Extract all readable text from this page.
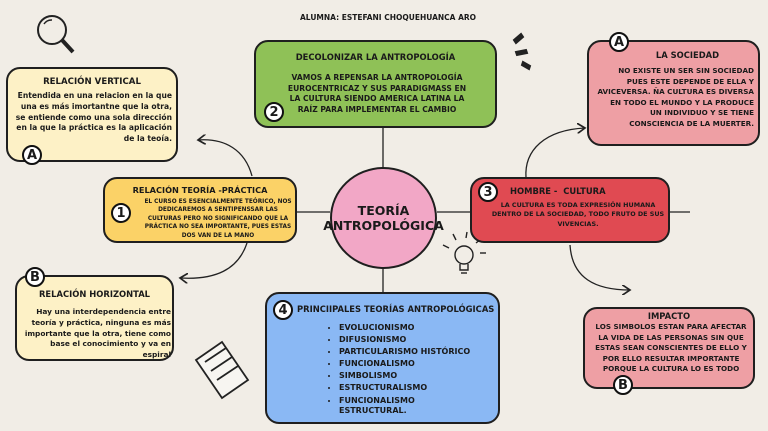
ALUMNA: ESTEFANI CHOQUEHUANCA ARO
TEORÍA
ANTROPOLÓGICA
DECOLONIZAR LA ANTROPOLOGÍA
VAMOS A REPENSAR LA ANTROPOLOGÍA EUROCENTRICAZ Y SUS PARADIGMASS EN LA CULTURA SIENDO AMERICA LATINA LA RAÍZ PARA IMPLEMENTAR EL CAMBIO
2
RELACIÓN TEORÍA -PRÁCTICA
EL CURSO ES ESENCIALMENTE TEÓRICO, NOS DEDICAREMOS A SENTIPENSSAR LAS CULTURAS PERO NO SIGNIFICANDO QUE LA PRÁCTICA NO SEA IMPORTANTE, PUES ESTAS DOS VAN DE LA MANO
1
RELACIÓN VERTICAL
Entendida en una relacion en la que una es más imortantne que la otra, se entiende como una sola dirección en la que la práctica es la aplicación de la teoía.
A
RELACIÓN HORIZONTAL
Hay una interdependencia entre teoría y práctica, ninguna es más importante que la otra, tiene como base el conocimiento y va en espiral
B
HOMBRE -  CULTURA
LA CULTURA ES TODA EXPRESIÓN HUMANA DENTRO DE LA SOCIEDAD, TODO FRUTO DE SUS VIVENCIAS.
3
LA SOCIEDAD
NO EXISTE UN SER SIN SOCIEDAD PUES ESTE DEPENDE DE ELLA Y AVICEVERSA. ÑA CULTURA ES DIVERSA EN TODO EL MUNDO Y LA PRODUCE UN INDIVIDUO Y SE TIENE CONSCIENCIA DE LA MUERTER.
A
IMPACTO
LOS SIMBOLOS ESTAN PARA AFECTAR LA VIDA DE LAS PERSONAS SIN QUE ESTAS SEAN CONSCIENTES DE ELLO Y POR ELLO RESULTAR IMPORTANTE PORQUE LA CULTURA LO ES TODO
B
PRINCIIPALES TEORÍAS ANTROPOLÓGICAS
4
• EVOLUCIONISMO
• DIFUSIONISMO
• PARTICULARISMO HISTÓRICO
• FUNCIONALISMO
• SIMBOLISMO
• ESTRUCTURALISMO
• FUNCIONALISMO ESTRUCTURAL.
